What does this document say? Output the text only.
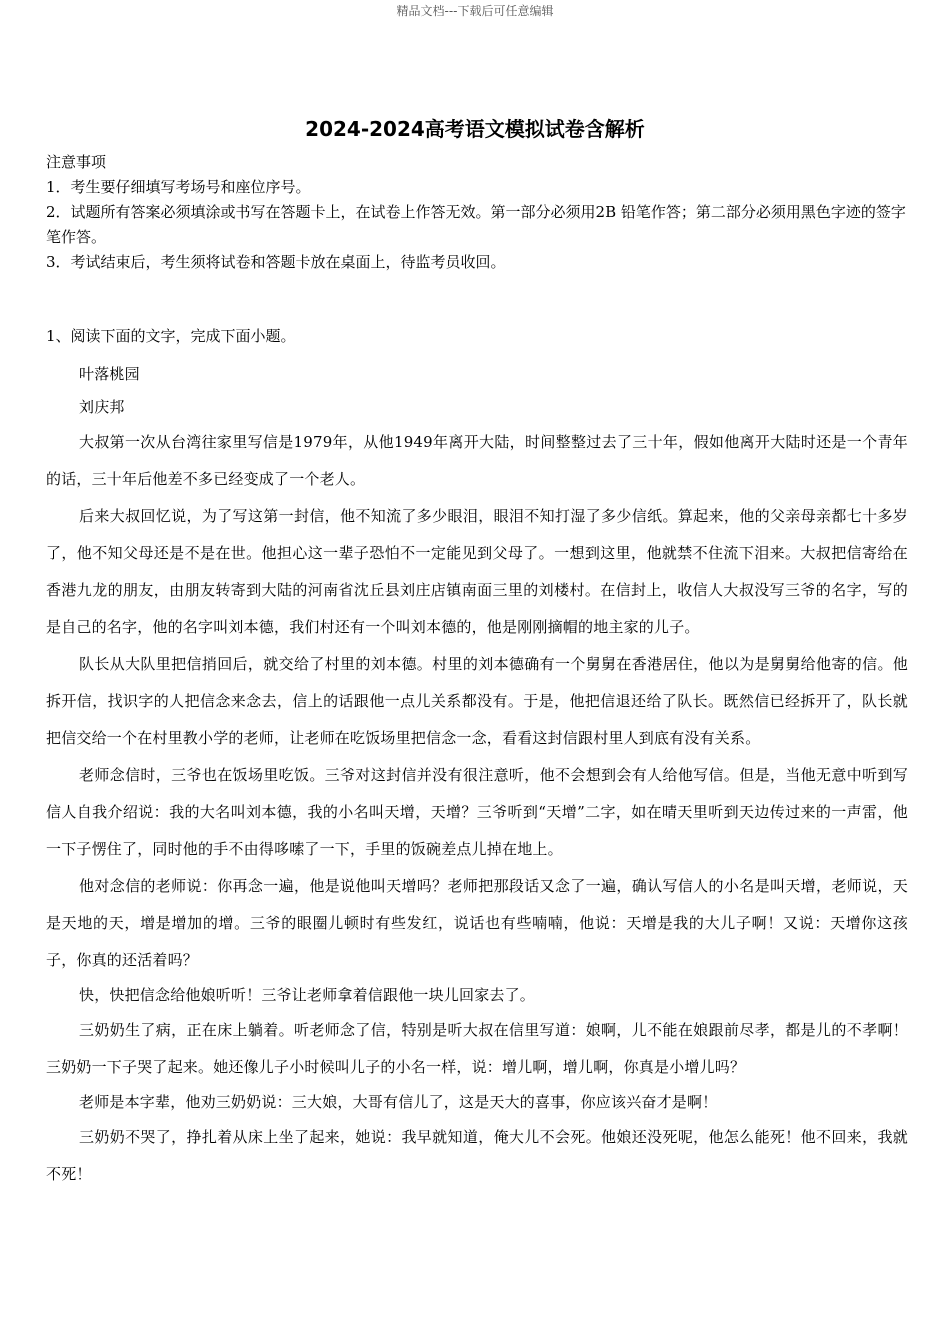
精品文档---下载后可任意编辑
2024-2024高考语文模拟试卷含解析
注意事项
1．考生要仔细填写考场号和座位序号。
2．试题所有答案必须填涂或书写在答题卡上，在试卷上作答无效。第一部分必须用2B 铅笔作答；第二部分必须用黑色字迹的签字笔作答。
3．考试结束后，考生须将试卷和答题卡放在桌面上，待监考员收回。
1、阅读下面的文字，完成下面小题。

叶落桃园

刘庆邦

大叔第一次从台湾往家里写信是1979年，从他1949年离开大陆，时间整整过去了三十年，假如他离开大陆时还是一个青年的话，三十年后他差不多已经变成了一个老人。

后来大叔回忆说，为了写这第一封信，他不知流了多少眼泪，眼泪不知打湿了多少信纸。算起来，他的父亲母亲都七十多岁了，他不知父母还是不是在世。他担心这一辈子恐怕不一定能见到父母了。一想到这里，他就禁不住流下泪来。大叔把信寄给在香港九龙的朋友，由朋友转寄到大陆的河南省沈丘县刘庄店镇南面三里的刘楼村。在信封上，收信人大叔没写三爷的名字，写的是自己的名字，他的名字叫刘本德，我们村还有一个叫刘本德的，他是刚刚摘帽的地主家的儿子。

队长从大队里把信捎回后，就交给了村里的刘本德。村里的刘本德确有一个舅舅在香港居住，他以为是舅舅给他寄的信。他拆开信，找识字的人把信念来念去，信上的话跟他一点儿关系都没有。于是，他把信退还给了队长。既然信已经拆开了，队长就把信交给一个在村里教小学的老师，让老师在吃饭场里把信念一念，看看这封信跟村里人到底有没有关系。

老师念信时，三爷也在饭场里吃饭。三爷对这封信并没有很注意听，他不会想到会有人给他写信。但是，当他无意中听到写信人自我介绍说：我的大名叫刘本德，我的小名叫天增，天增？三爷听到“天增”二字，如在晴天里听到天边传过来的一声雷，他一下子愣住了，同时他的手不由得哆嗦了一下，手里的饭碗差点儿掉在地上。

他对念信的老师说：你再念一遍，他是说他叫天增吗？老师把那段话又念了一遍，确认写信人的小名是叫天增，老师说，天是天地的天，增是增加的增。三爷的眼圈儿顿时有些发红，说话也有些喃喃，他说：天增是我的大儿子啊！又说：天增你这孩子，你真的还活着吗？

快，快把信念给他娘听听！三爷让老师拿着信跟他一块儿回家去了。

三奶奶生了病，正在床上躺着。听老师念了信，特别是听大叔在信里写道：娘啊，儿不能在娘跟前尽孝，都是儿的不孝啊！三奶奶一下子哭了起来。她还像儿子小时候叫儿子的小名一样，说：增儿啊，增儿啊，你真是小增儿吗？

老师是本字辈，他劝三奶奶说：三大娘，大哥有信儿了，这是天大的喜事，你应该兴奋才是啊！

三奶奶不哭了，挣扎着从床上坐了起来，她说：我早就知道，俺大儿不会死。他娘还没死呢，他怎么能死！他不回来，我就不死！
